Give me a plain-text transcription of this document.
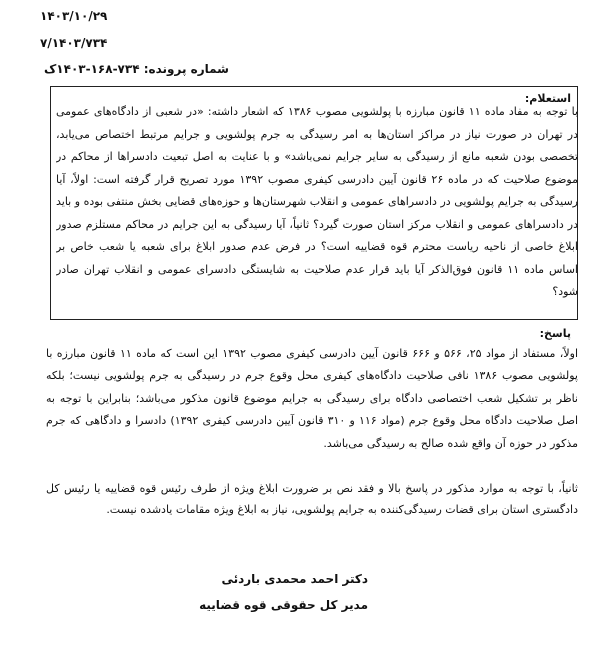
۱۴۰۳/۱۰/۲۹
۷/۱۴۰۳/۷۳۴
شماره پرونده: ۷۳۴-۱۶۸-۱۴۰۳ک
استعلام:
با توجه به مفاد ماده ۱۱ قانون مبارزه با پولشویی مصوب ۱۳۸۶ که اشعار داشته: «در شعبی از دادگاه‌های عمومی در تهران در صورت نیاز در مراکز استان‌ها به امر رسیدگی به جرم پولشویی و جرایم مرتبط اختصاص می‌یابد، تخصصی بودن شعبه مانع از رسیدگی به سایر جرایم نمی‌باشد» و با عنایت به اصل تبعیت دادسراها از محاکم در موضوع صلاحیت که در ماده ۲۶ قانون آیین دادرسی کیفری مصوب ۱۳۹۲ مورد تصریح قرار گرفته است: اولاً، آیا رسیدگی به جرایم پولشویی در دادسراهای عمومی و انقلاب شهرستان‌ها و حوزه‌های قضایی بخش منتفی بوده و باید در دادسراهای عمومی و انقلاب مرکز استان صورت گیرد؟ ثانیاً، آیا رسیدگی به این جرایم در محاکم مستلزم صدور ابلاغ خاصی از ناحیه ریاست محترم قوه قضاییه است؟ در فرض عدم صدور ابلاغ برای شعبه یا شعب خاص بر اساس ماده ۱۱ قانون فوق‌الذکر آیا باید قرار عدم صلاحیت به شایستگی دادسرای عمومی و انقلاب تهران صادر شود؟
پاسخ:
اولاً، مستفاد از مواد ۲۵، ۵۶۶ و ۶۶۶ قانون آیین دادرسی کیفری مصوب ۱۳۹۲ این است که ماده ۱۱ قانون مبارزه با پولشویی مصوب ۱۳۸۶ نافی صلاحیت دادگاه‌های کیفری محل وقوع جرم در رسیدگی به جرم پولشویی نیست؛ بلکه ناظر بر تشکیل شعب اختصاصی دادگاه برای رسیدگی به جرایم موضوع قانون مذکور می‌باشد؛ بنابراین با توجه به اصل صلاحیت دادگاه محل وقوع جرم (مواد ۱۱۶ و ۳۱۰ قانون آیین دادرسی کیفری ۱۳۹۲) دادسرا و دادگاهی که جرم مذکور در حوزه آن واقع شده صالح به رسیدگی می‌باشد.
ثانیاً، با توجه به موارد مذکور در پاسخ بالا و فقد نص بر ضرورت ابلاغ ویژه از طرف رئیس قوه قضاییه یا رئیس کل دادگستری استان برای قضات رسیدگی‌کننده به جرایم پولشویی، نیاز به ابلاغ ویژه مقامات یادشده نیست.
دکتر احمد محمدی باردئی
مدیر کل حقوقی قوه قضاییه
